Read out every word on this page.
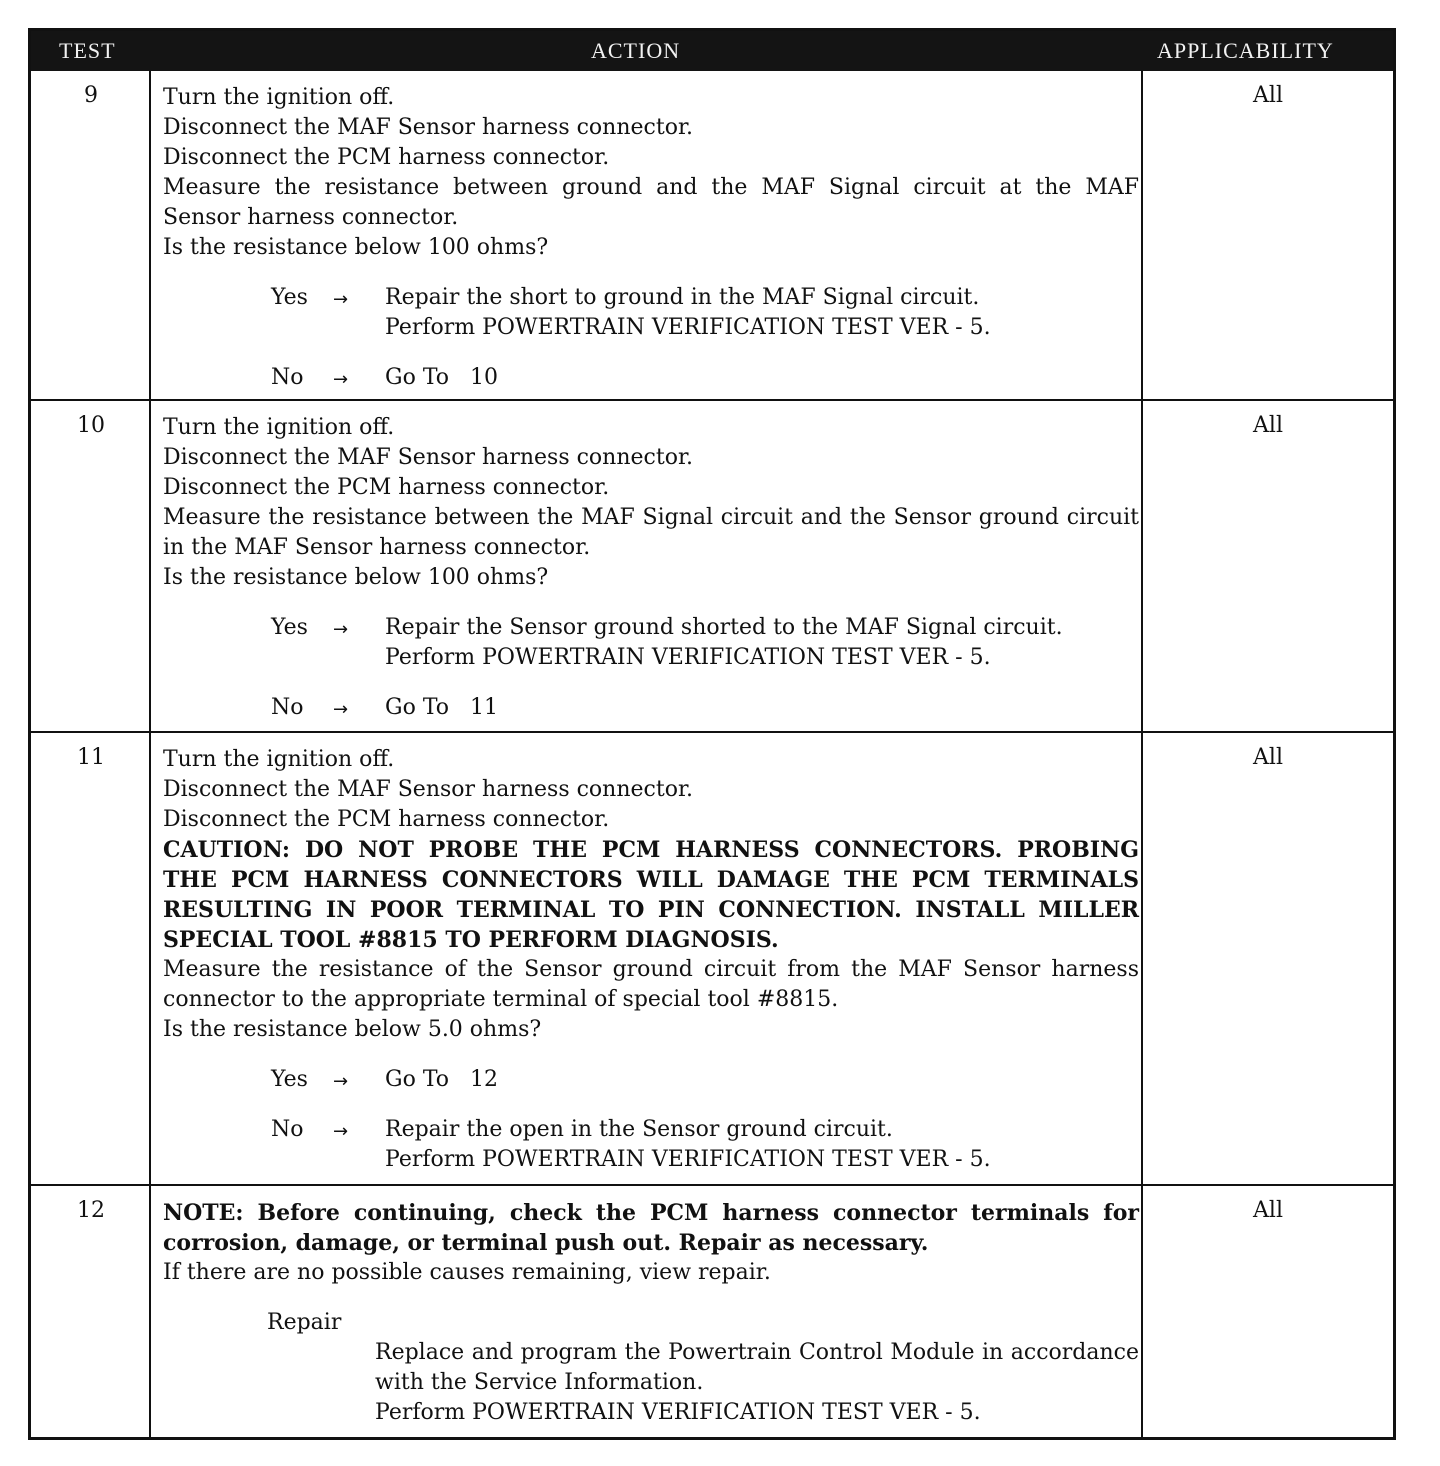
TEST	ACTION	APPLICABILITY
9	Turn the ignition off.
Disconnect the MAF Sensor harness connector.
Disconnect the PCM harness connector.
Measure the resistance between ground and the MAF Signal circuit at the MAF Sensor harness connector.
Is the resistance below 100 ohms?
Yes → Repair the short to ground in the MAF Signal circuit.
Perform POWERTRAIN VERIFICATION TEST VER - 5.
No → Go To   10
All
10	Turn the ignition off.
Disconnect the MAF Sensor harness connector.
Disconnect the PCM harness connector.
Measure the resistance between the MAF Signal circuit and the Sensor ground circuit in the MAF Sensor harness connector.
Is the resistance below 100 ohms?
Yes → Repair the Sensor ground shorted to the MAF Signal circuit.
Perform POWERTRAIN VERIFICATION TEST VER - 5.
No → Go To   11
All
11	Turn the ignition off.
Disconnect the MAF Sensor harness connector.
Disconnect the PCM harness connector.
CAUTION: DO NOT PROBE THE PCM HARNESS CONNECTORS. PROBING THE PCM HARNESS CONNECTORS WILL DAMAGE THE PCM TERMINALS RESULTING IN POOR TERMINAL TO PIN CONNECTION. INSTALL MILLER SPECIAL TOOL #8815 TO PERFORM DIAGNOSIS.
Measure the resistance of the Sensor ground circuit from the MAF Sensor harness connector to the appropriate terminal of special tool #8815.
Is the resistance below 5.0 ohms?
Yes → Go To   12
No → Repair the open in the Sensor ground circuit.
Perform POWERTRAIN VERIFICATION TEST VER - 5.
All
12	NOTE: Before continuing, check the PCM harness connector terminals for corrosion, damage, or terminal push out. Repair as necessary.
If there are no possible causes remaining, view repair.
Repair
Replace and program the Powertrain Control Module in accordance with the Service Information.
Perform POWERTRAIN VERIFICATION TEST VER - 5.
All
